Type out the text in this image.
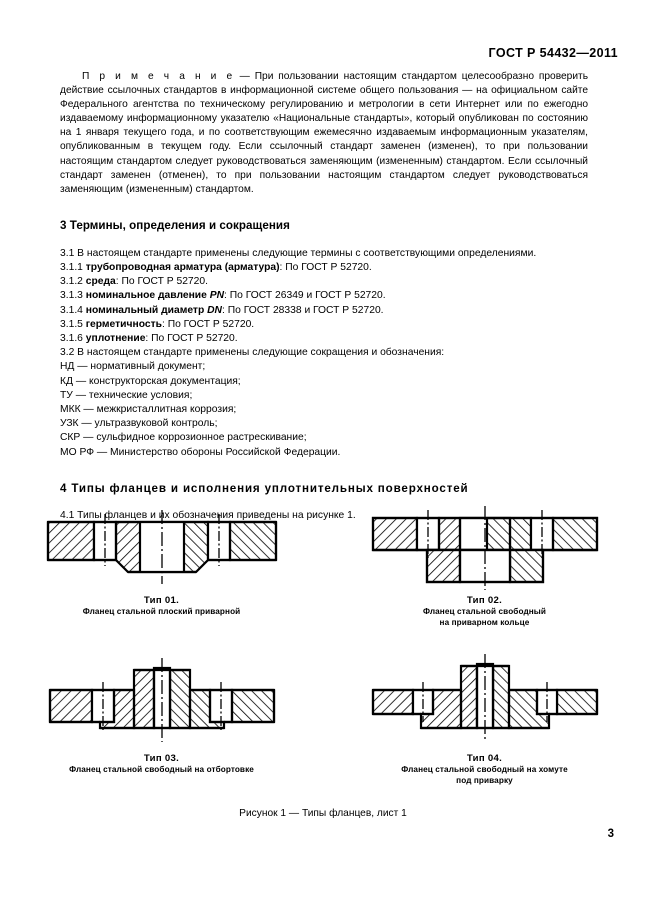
ГОСТ Р 54432—2011

П р и м е ч а н и е — При пользовании настоящим стандартом целесообразно проверить действие ссылочных стандартов в информационной системе общего пользования — на официальном сайте Федерального агентства по техническому регулированию и метрологии в сети Интернет или по ежегодно издаваемому информационному указателю «Национальные стандарты», который опубликован по состоянию на 1 января текущего года, и по соответствующим ежемесячно издаваемым информационным указателям, опубликованным в текущем году. Если ссылочный стандарт заменен (изменен), то при пользовании настоящим стандартом следует руководствоваться заменяющим (измененным) стандартом. Если ссылочный стандарт заменен (отменен), то при пользовании настоящим стандартом следует руководствоваться заменяющим (измененным) стандартом.

3 Термины, определения и сокращения
3.1 В настоящем стандарте применены следующие термины с соответствующими определениями.
3.1.1 трубопроводная арматура (арматура): По ГОСТ Р 52720.
3.1.2 среда: По ГОСТ Р 52720.
3.1.3 номинальное давление PN: По ГОСТ 26349 и ГОСТ Р 52720.
3.1.4 номинальный диаметр DN: По ГОСТ 28338 и ГОСТ Р 52720.
3.1.5 герметичность: По ГОСТ Р 52720.
3.1.6 уплотнение: По ГОСТ Р 52720.
3.2 В настоящем стандарте применены следующие сокращения и обозначения:
НД — нормативный документ;
КД — конструкторская документация;
ТУ — технические условия;
МКК — межкристаллитная коррозия;
УЗК — ультразвуковой контроль;
СКР — сульфидное коррозионное растрескивание;
МО РФ — Министерство обороны Российской Федерации.
4 Типы фланцев и исполнения уплотнительных поверхностей
4.1 Типы фланцев и их обозначения приведены на рисунке 1.
Тип 01.
Фланец стальной плоский приварной
Тип 02.
Фланец стальной свободный
на приварном кольце
Тип 03.
Фланец стальной свободный на отбортовке
Тип 04.
Фланец стальной свободный на хомуте
под приварку
Рисунок 1 — Типы фланцев, лист 1
3
